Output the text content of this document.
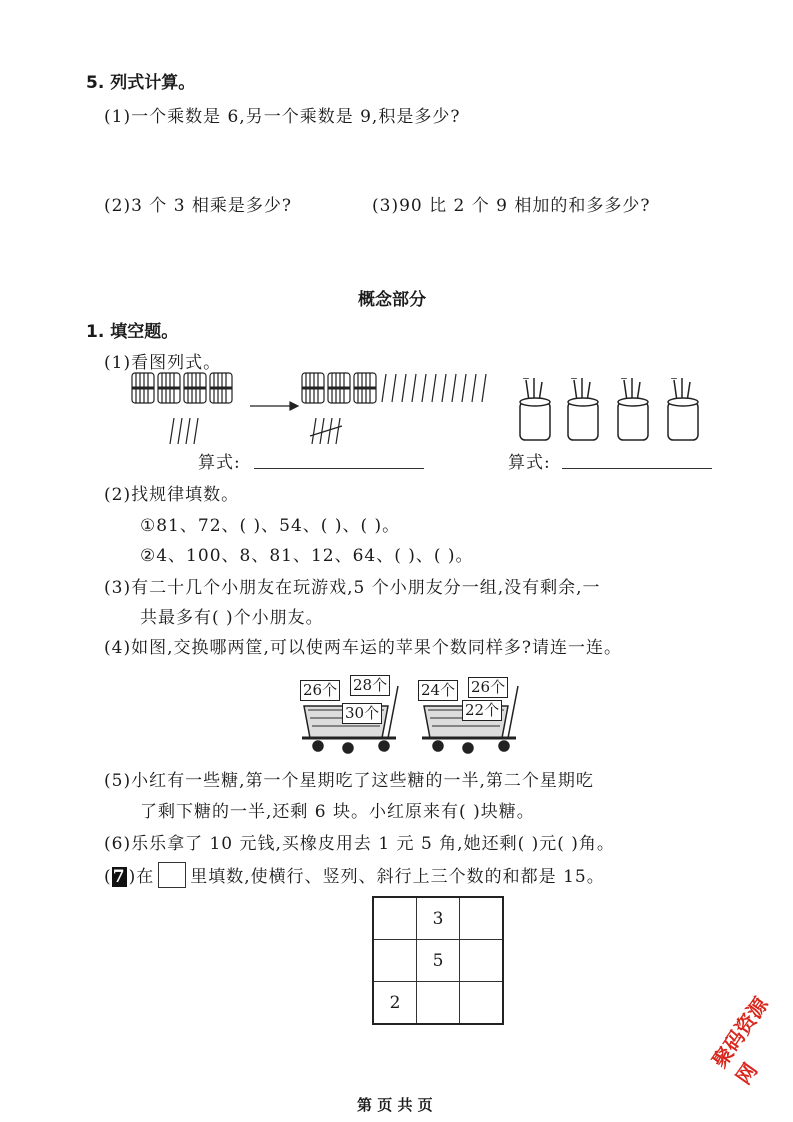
5. 列式计算。
(1)一个乘数是 6,另一个乘数是 9,积是多少?
(2)3 个 3 相乘是多少?	(3)90 比 2 个 9 相加的和多多少?
概念部分
1. 填空题。
(1)看图列式。
算式:	算式:
(2)找规律填数。
①81、72、( )、54、( )、( )。
②4、100、8、81、12、64、( )、( )。
(3)有二十几个小朋友在玩游戏,5 个小朋友分一组,没有剩余,一
共最多有( )个小朋友。
(4)如图,交换哪两筐,可以使两车运的苹果个数同样多?请连一连。
26个 28个
30个
24个 26个
22个
(5)小红有一些糖,第一个星期吃了这些糖的一半,第二个星期吃
了剩下糖的一半,还剩 6 块。小红原来有( )块糖。
(6)乐乐拿了 10 元钱,买橡皮用去 1 元 5 角,她还剩( )元( )角。
(7 )在 里填数,使横行、竖列、斜行上三个数的和都是 15。
	3	
	5	
2			聚码资源网
第 页 共 页
